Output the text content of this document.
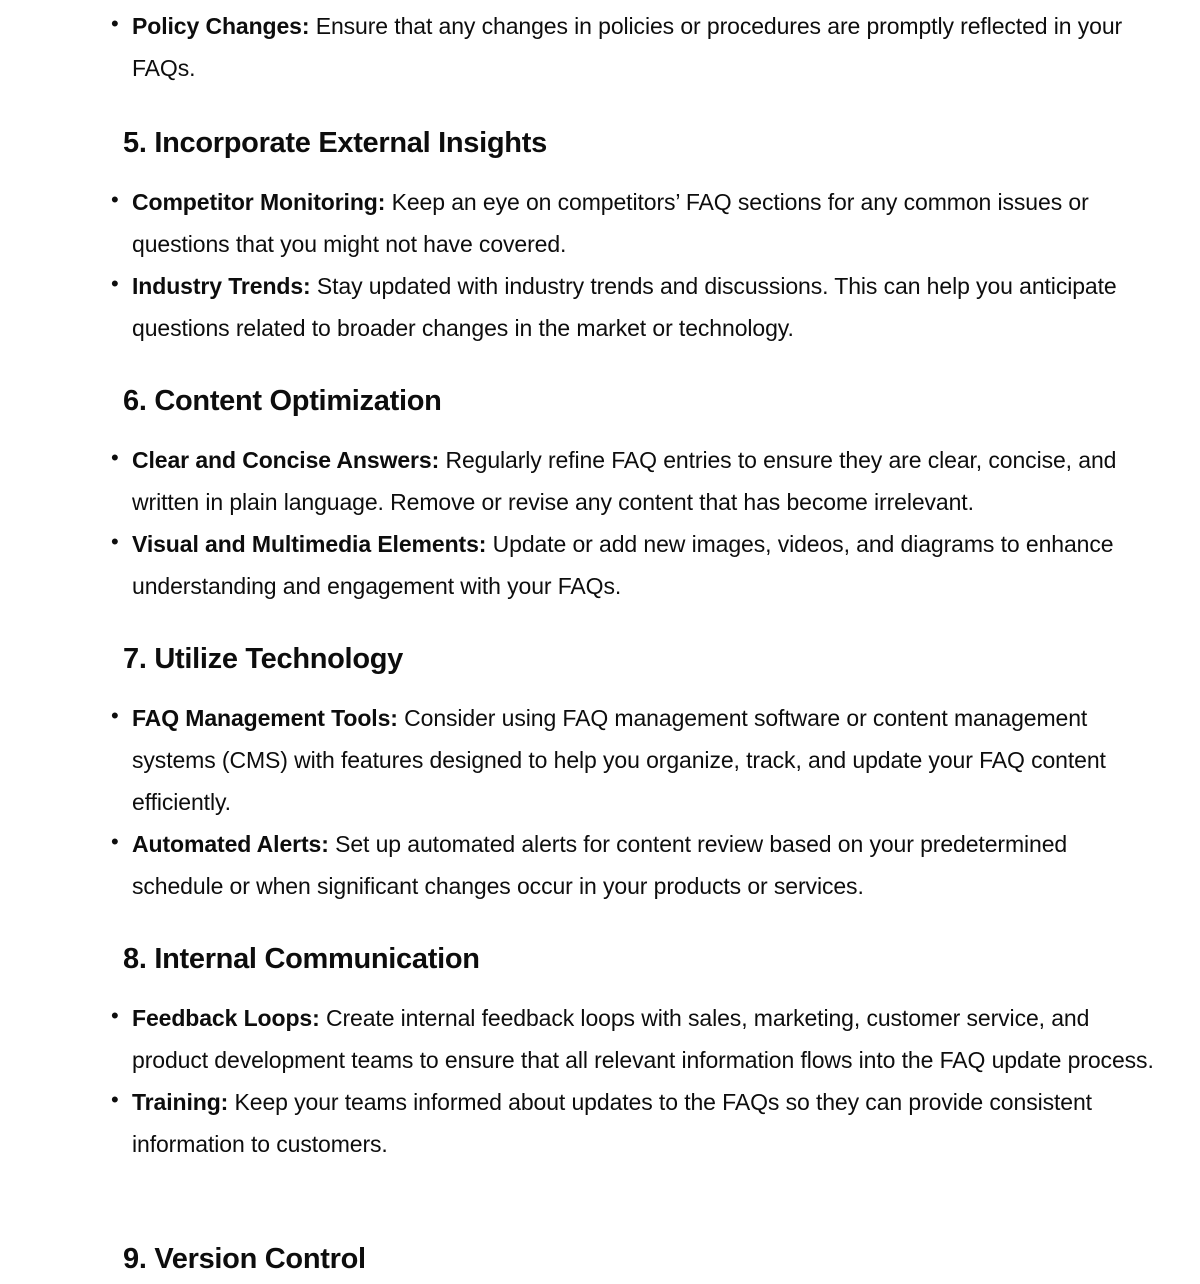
• Policy Changes: Ensure that any changes in policies or procedures are promptly reflected in your FAQs.
5. Incorporate External Insights
• Competitor Monitoring: Keep an eye on competitors’ FAQ sections for any common issues or questions that you might not have covered.
• Industry Trends: Stay updated with industry trends and discussions. This can help you anticipate questions related to broader changes in the market or technology.
6. Content Optimization
• Clear and Concise Answers: Regularly refine FAQ entries to ensure they are clear, concise, and written in plain language. Remove or revise any content that has become irrelevant.
• Visual and Multimedia Elements: Update or add new images, videos, and diagrams to enhance understanding and engagement with your FAQs.
7. Utilize Technology
• FAQ Management Tools: Consider using FAQ management software or content management systems (CMS) with features designed to help you organize, track, and update your FAQ content efficiently.
• Automated Alerts: Set up automated alerts for content review based on your predetermined schedule or when significant changes occur in your products or services.
8. Internal Communication
• Feedback Loops: Create internal feedback loops with sales, marketing, customer service, and product development teams to ensure that all relevant information flows into the FAQ update process.
• Training: Keep your teams informed about updates to the FAQs so they can provide consistent information to customers.
9. Version Control
